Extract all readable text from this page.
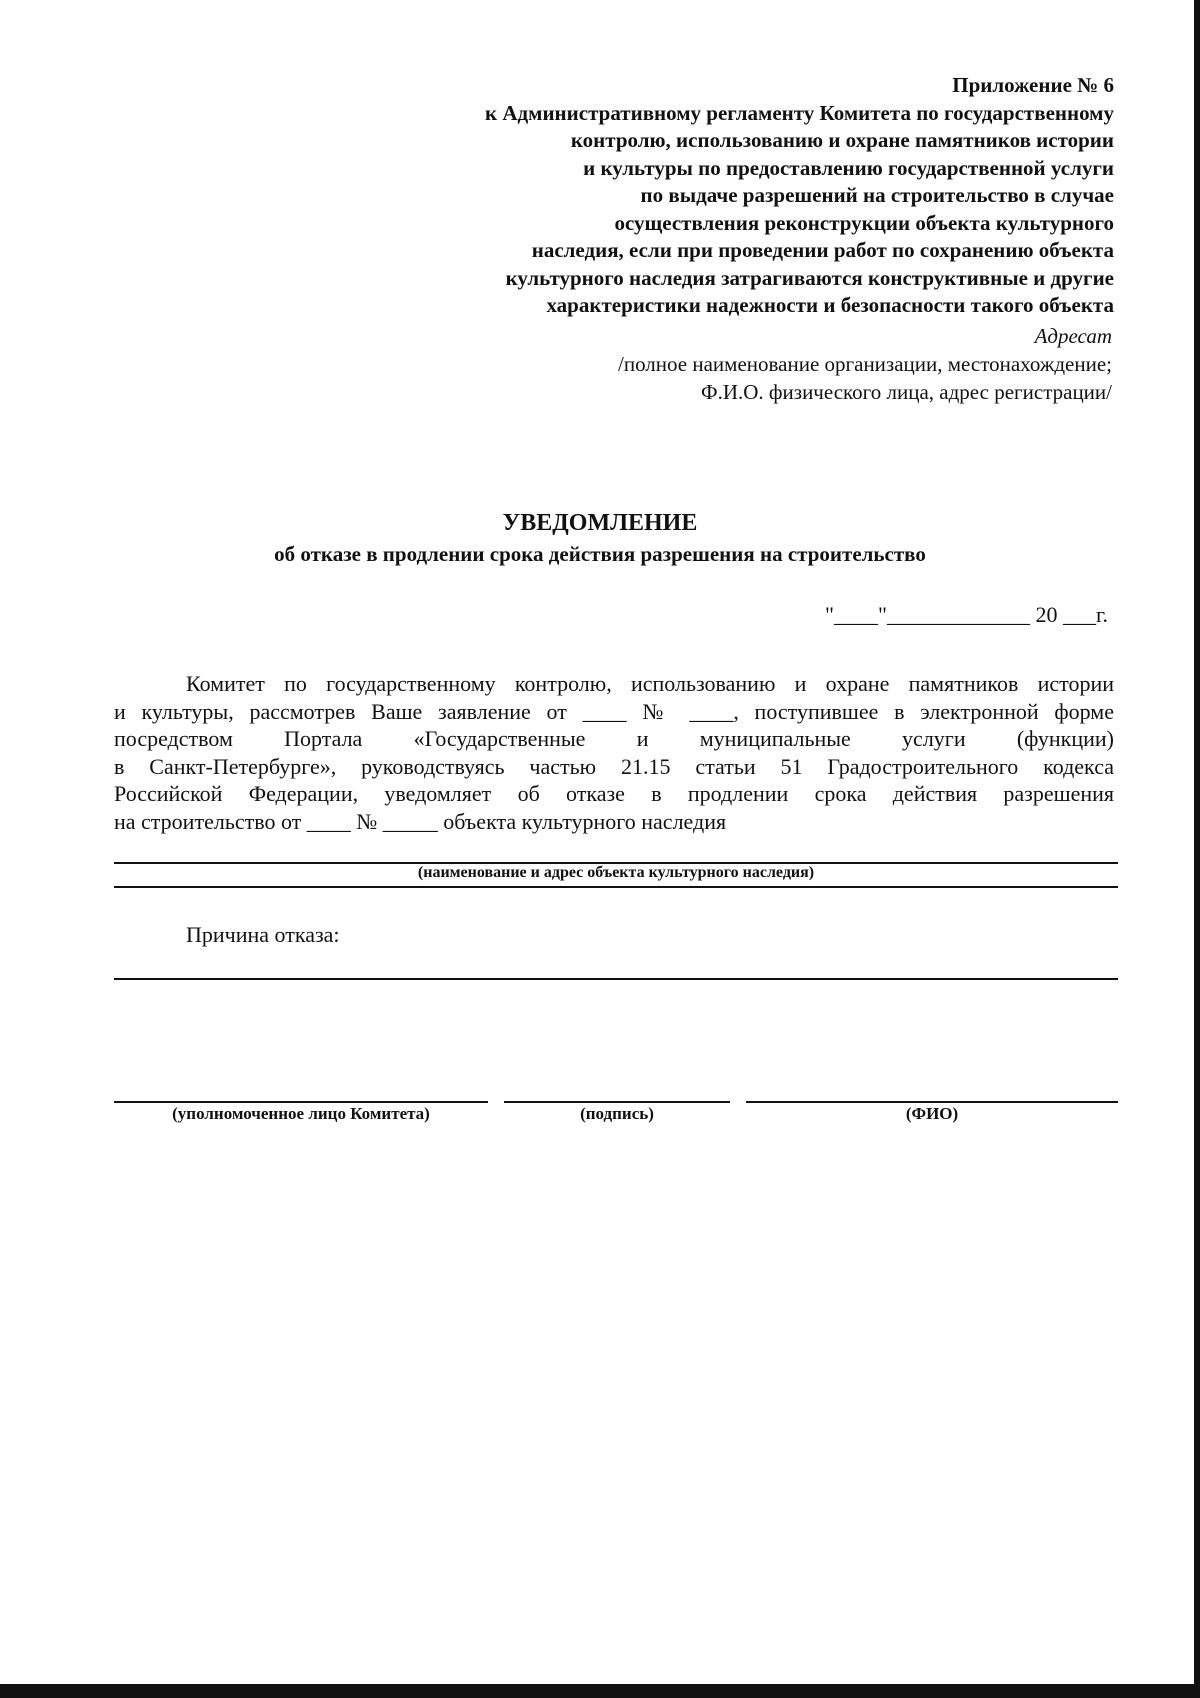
Приложение № 6
к Административному регламенту Комитета по государственному
контролю, использованию и охране памятников истории
и культуры по предоставлению государственной услуги
по выдаче разрешений на строительство в случае
осуществления реконструкции объекта культурного
наследия, если при проведении работ по сохранению объекта
культурного наследия затрагиваются конструктивные и другие
характеристики надежности и безопасности такого объекта
Адресат
/полное наименование организации, местонахождение;
Ф.И.О. физического лица, адрес регистрации/
УВЕДОМЛЕНИЕ
об отказе в продлении срока действия разрешения на строительство
"____"_____________ 20 ___г.
Комитет по государственному контролю, использованию и охране памятников истории
и культуры, рассмотрев Ваше заявление от ____ № ____, поступившее в электронной форме
посредством Портала «Государственные и муниципальные услуги (функции)
в Санкт-Петербурге», руководствуясь частью 21.15 статьи 51 Градостроительного кодекса
Российской Федерации, уведомляет об отказе в продлении срока действия разрешения
на строительство от ____ № _____ объекта культурного наследия
(наименование и адрес объекта культурного наследия)
Причина отказа:
(уполномоченное лицо Комитета)	(подпись)	(ФИО)
